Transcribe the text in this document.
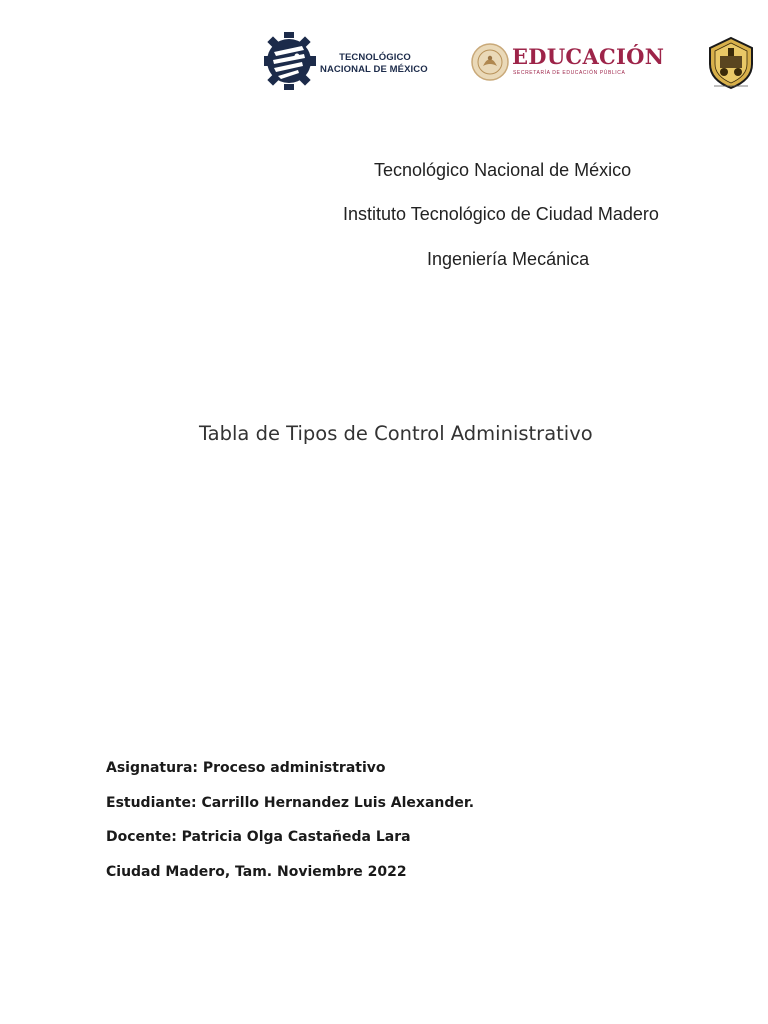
TECNOLÓGICO
NACIONAL DE MÉXICO
EDUCACIÓN
SECRETARÍA DE EDUCACIÓN PÚBLICA
Tecnológico Nacional de México
Instituto Tecnológico de Ciudad Madero
Ingeniería Mecánica
Tabla de Tipos de Control Administrativo
Asignatura: Proceso administrativo
Estudiante: Carrillo Hernandez Luis Alexander.
Docente: Patricia Olga Castañeda Lara
Ciudad Madero, Tam. Noviembre 2022
